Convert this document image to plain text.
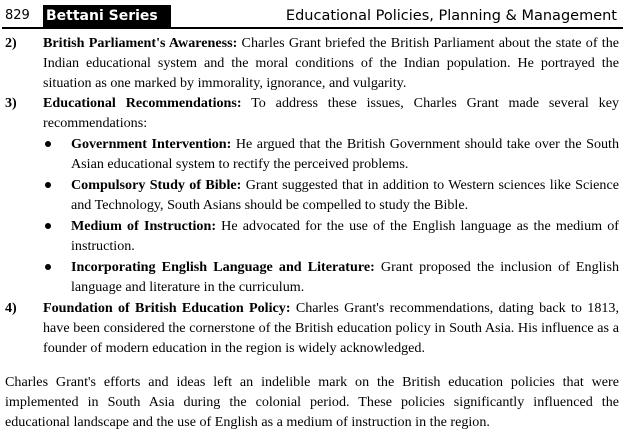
829 Bettani Series	Educational Policies, Planning & Management
2) British Parliament's Awareness: Charles Grant briefed the British Parliament about the state of the Indian educational system and the moral conditions of the Indian population. He portrayed the situation as one marked by immorality, ignorance, and vulgarity.
3) Educational Recommendations: To address these issues, Charles Grant made several key recommendations:
Government Intervention: He argued that the British Government should take over the South Asian educational system to rectify the perceived problems.
Compulsory Study of Bible: Grant suggested that in addition to Western sciences like Science and Technology, South Asians should be compelled to study the Bible.
Medium of Instruction: He advocated for the use of the English language as the medium of instruction.
Incorporating English Language and Literature: Grant proposed the inclusion of English language and literature in the curriculum.
4) Foundation of British Education Policy: Charles Grant's recommendations, dating back to 1813, have been considered the cornerstone of the British education policy in South Asia. His influence as a founder of modern education in the region is widely acknowledged.

Charles Grant's efforts and ideas left an indelible mark on the British education policies that were implemented in South Asia during the colonial period. These policies significantly influenced the educational landscape and the use of English as a medium of instruction in the region.
